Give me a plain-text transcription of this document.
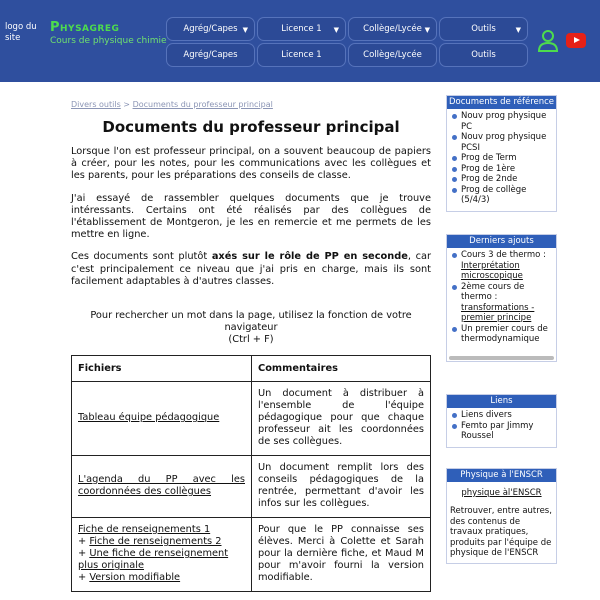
logo du site
Physagreg
Cours de physique chimie
Agrég/Capes ▼	Licence 1 ▼	Collège/Lycée ▼	Outils	▼
Agrég/Capes	Licence 1	Collège/Lycée	Outils
Divers outils > Documents du professeur principal
Documents du professeur principal

Lorsque l'on est professeur principal, on a souvent beaucoup de papiers à créer, pour les notes, pour les communications avec les collègues et les parents, pour les préparations des conseils de classe.

J'ai essayé de rassembler quelques documents que je trouve intéressants. Certains ont été réalisés par des collègues de l'établissement de Montgeron, je les en remercie et me permets de les mettre en ligne.

Ces documents sont plutôt axés sur le rôle de PP en seconde, car c'est principalement ce niveau que j'ai pris en charge, mais ils sont facilement adaptables à d'autres classes.

Pour rechercher un mot dans la page, utilisez la fonction de votre navigateur
(Ctrl + F)
Fichiers	Commentaires
Tableau équipe pédagogique	Un document à distribuer à l'ensemble de l'équipe pédagogique pour que chaque professeur ait les coordonnées de ses collègues.
L'agenda du PP avec les coordonnées des collègues	Un document remplit lors des conseils pédagogiques de la rentrée, permettant d'avoir les infos sur les collègues.
Fiche de renseignements 1
+ Fiche de renseignements 2
+ Une fiche de renseignement plus originale
+ Version modifiable	Pour que le PP connaisse ses élèves. Merci à Colette et Sarah pour la dernière fiche, et Maud M pour m'avoir fourni la version modifiable.
Documents de référence
Nouv prog physique PC
Nouv prog physique PCSI
Prog de Term
Prog de 1ère
Prog de 2nde
Prog de collège (5/4/3)
Derniers ajouts
Cours 3 de thermo : Interprétation microscopique
2ème cours de thermo : transformations - premier principe
Un premier cours de thermodynamique
Liens
Liens divers
Femto par Jimmy Roussel
Physique à l'ENSCR
physique àl'ENSCR
Retrouver, entre autres, des contenus de travaux pratiques, produits par l'équipe de physique de l'ENSCR
